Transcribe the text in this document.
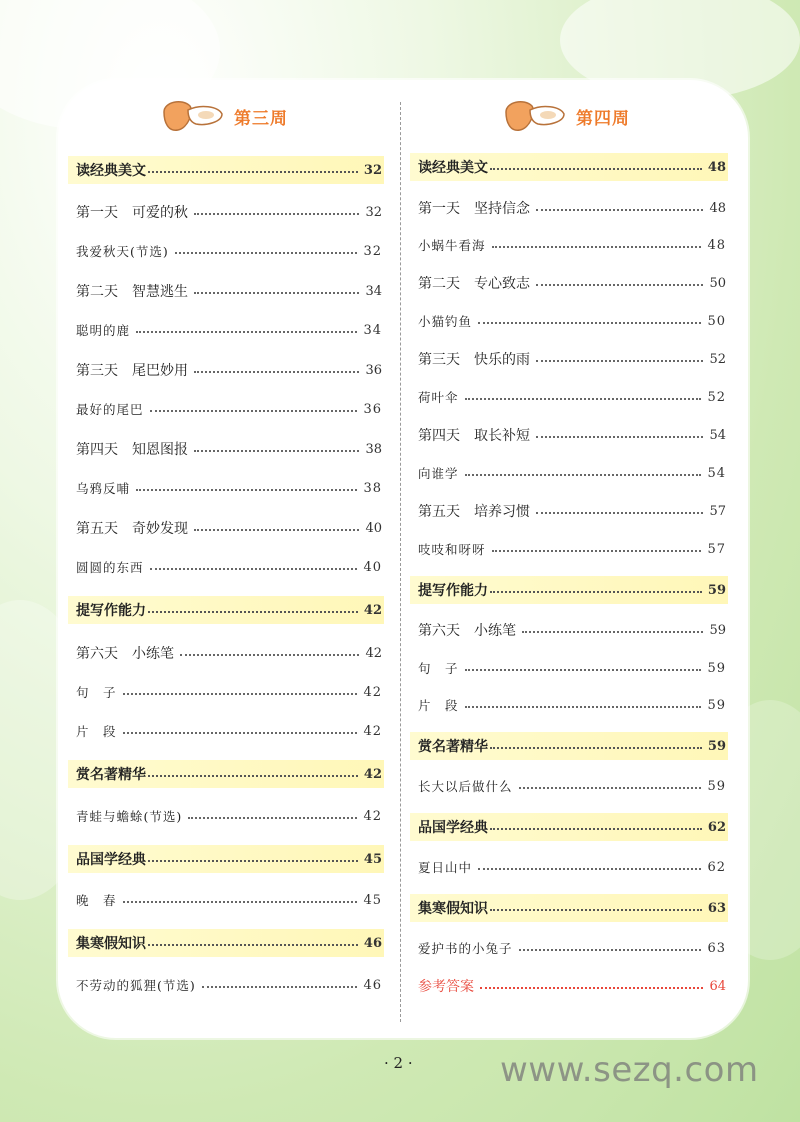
第三周	第四周
读经典美文	32
第一天　可爱的秋	32
我爱秋天(节选)	32
第二天　智慧逃生	34
聪明的鹿	34
第三天　尾巴妙用	36
最好的尾巴	36
第四天　知恩图报	38
乌鸦反哺	38
第五天　奇妙发现	40
圆圆的东西	40
提写作能力	42
第六天　小练笔	42
句　子	42
片　段	42
赏名著精华	42
青蛙与蟾蜍(节选)	42
品国学经典	45
晚　春	45
集寒假知识	46
不劳动的狐狸(节选)	46
读经典美文	48
第一天　坚持信念	48
小蜗牛看海	48
第二天　专心致志	50
小猫钓鱼	50
第三天　快乐的雨	52
荷叶伞	52
第四天　取长补短	54
向谁学	54
第五天　培养习惯	57
吱吱和呀呀	57
提写作能力	59
第六天　小练笔	59
句　子	59
片　段	59
赏名著精华	59
长大以后做什么	59
品国学经典	62
夏日山中	62
集寒假知识	63
爱护书的小兔子	63
参考答案	64
· 2 ·	www.sezq.com
